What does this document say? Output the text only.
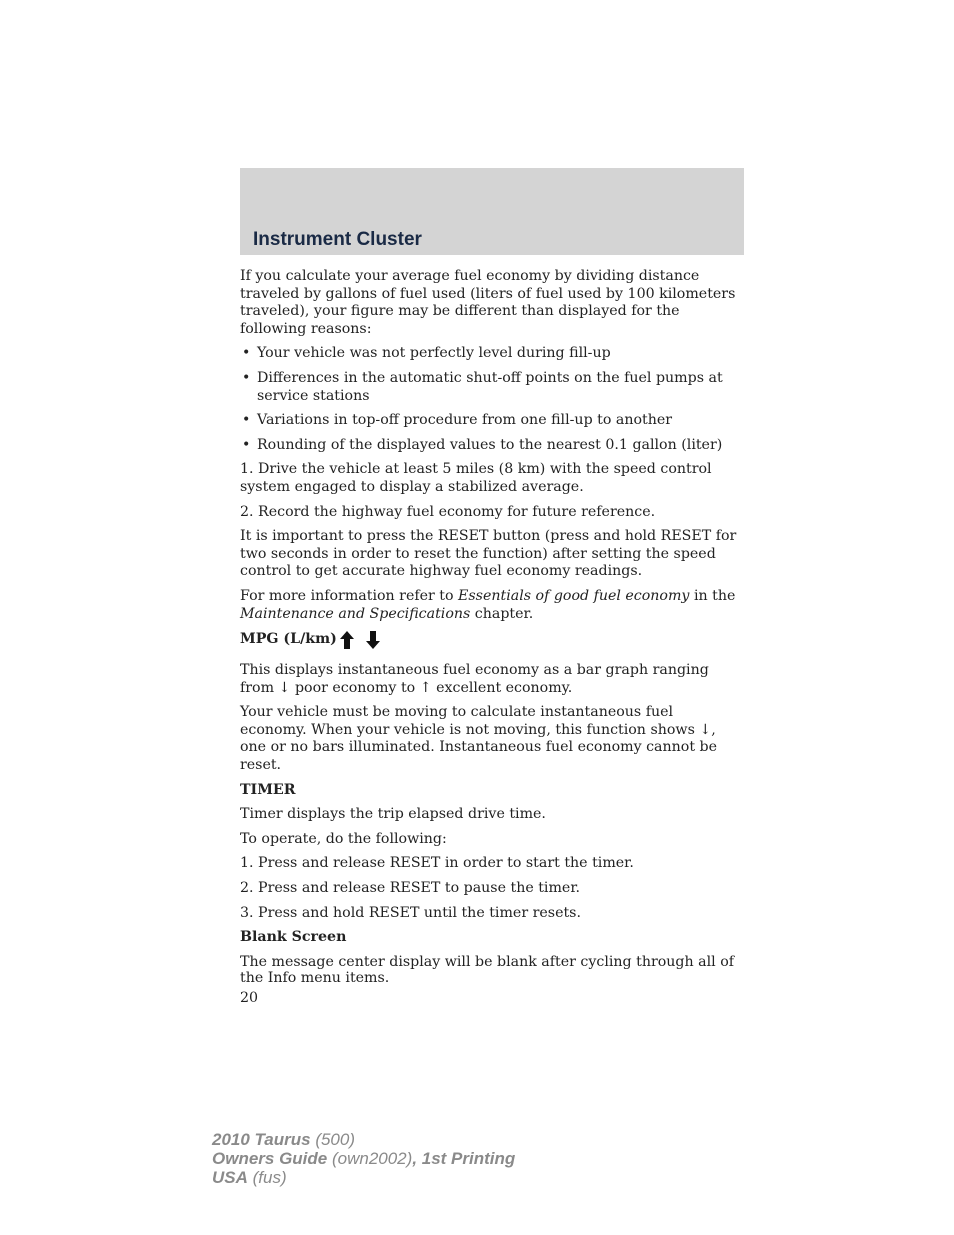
Instrument Cluster

If you calculate your average fuel economy by dividing distance traveled by gallons of fuel used (liters of fuel used by 100 kilometers traveled), your figure may be different than displayed for the following reasons:

• Your vehicle was not perfectly level during fill-up
• Differences in the automatic shut-off points on the fuel pumps at service stations
• Variations in top-off procedure from one fill-up to another
• Rounding of the displayed values to the nearest 0.1 gallon (liter)

1. Drive the vehicle at least 5 miles (8 km) with the speed control system engaged to display a stabilized average.

2. Record the highway fuel economy for future reference.

It is important to press the RESET button (press and hold RESET for two seconds in order to reset the function) after setting the speed control to get accurate highway fuel economy readings.

For more information refer to Essentials of good fuel economy in the Maintenance and Specifications chapter.

MPG (L/km)

This displays instantaneous fuel economy as a bar graph ranging from ↓ poor economy to ↑ excellent economy.

Your vehicle must be moving to calculate instantaneous fuel economy. When your vehicle is not moving, this function shows ↓, one or no bars illuminated. Instantaneous fuel economy cannot be reset.

TIMER

Timer displays the trip elapsed drive time.

To operate, do the following:

1. Press and release RESET in order to start the timer.

2. Press and release RESET to pause the timer.

3. Press and hold RESET until the timer resets.

Blank Screen

The message center display will be blank after cycling through all of the Info menu items.

20

2010 Taurus (500)
Owners Guide (own2002), 1st Printing
USA (fus)
